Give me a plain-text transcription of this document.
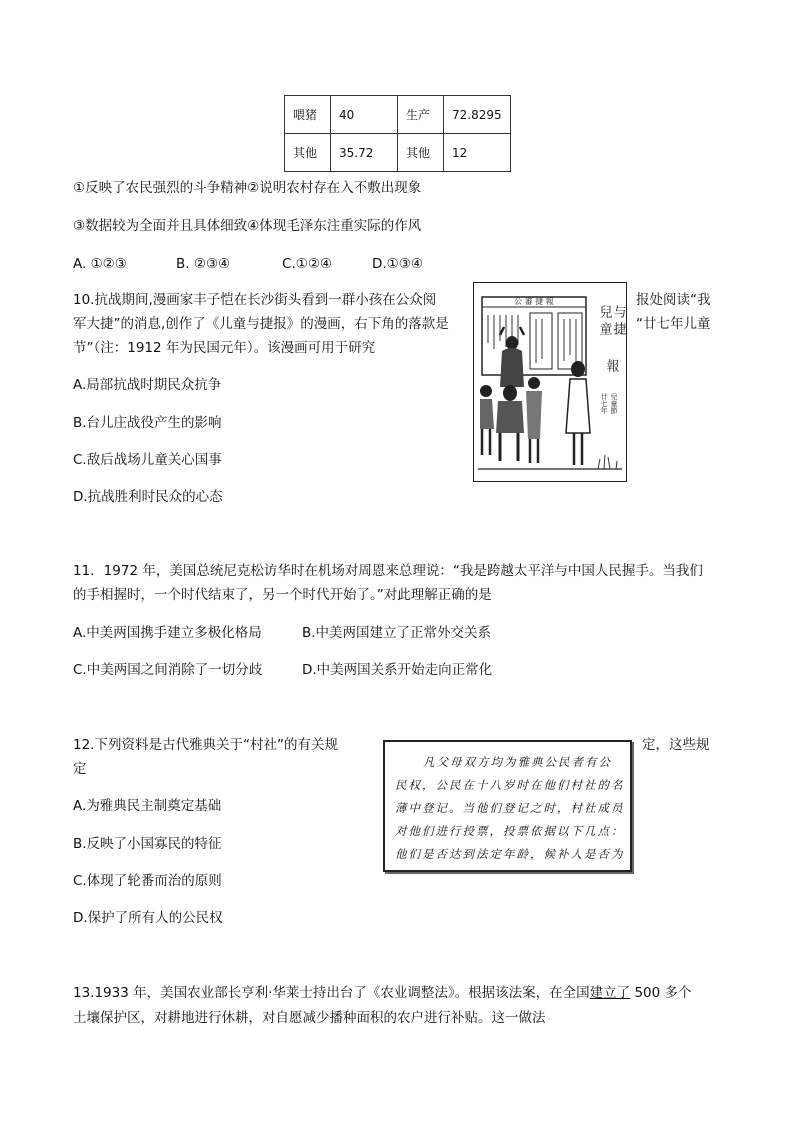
喂猪	40	生产	72.8295
其他	35.72	其他	12
①反映了农民强烈的斗争精神②说明农村存在入不敷出现象
③数据较为全面并且具体细致④体现毛泽东注重实际的作风
A. ①②③	B. ②③④	C.①②④	D.①③④
10.抗战期间,漫画家丰子恺在长沙街头看到一群小孩在公众阅	报处阅读“我
军大捷”的消息,创作了《儿童与捷报》的漫画，右下角的落款是	“廿七年儿童
节”（注：1912 年为民国元年）。该漫画可用于研究
A.局部抗战时期民众抗争
B.台儿庄战役产生的影响
C.敌后战场儿童关心国事
D.抗战胜利时民众的心态
公 審 捷 報
兒 童 与 捷
報
廿七年 兒童節
11．1972 年，美国总统尼克松访华时在机场对周恩来总理说：“我是跨越太平洋与中国人民握手。当我们
的手相握时，一个时代结束了，另一个时代开始了。”对此理解正确的是
A.中美两国携手建立多极化格局	B.中美两国建立了正常外交关系
C.中美两国之间消除了一切分歧	D.中美两国关系开始走向正常化
12.下列资料是古代雅典关于“村社”的有关规	定，这些规
定
A.为雅典民主制奠定基础
B.反映了小国寡民的特征
C.体现了轮番而治的原则
D.保护了所有人的公民权
凡父母双方均为雅典公民者有公
民权，公民在十八岁时在他们村社的名
薄中登记。当他们登记之时，村社成员
对他们进行投票，投票依据以下几点：
他们是否达到法定年龄，候补人是否为
13.1933 年，美国农业部长亨利·华莱士持出台了《农业调整法》。根据该法案，在全国建立了 500 多个
土壤保护区，对耕地进行休耕，对自愿减少播种面积的农户进行补贴。这一做法
